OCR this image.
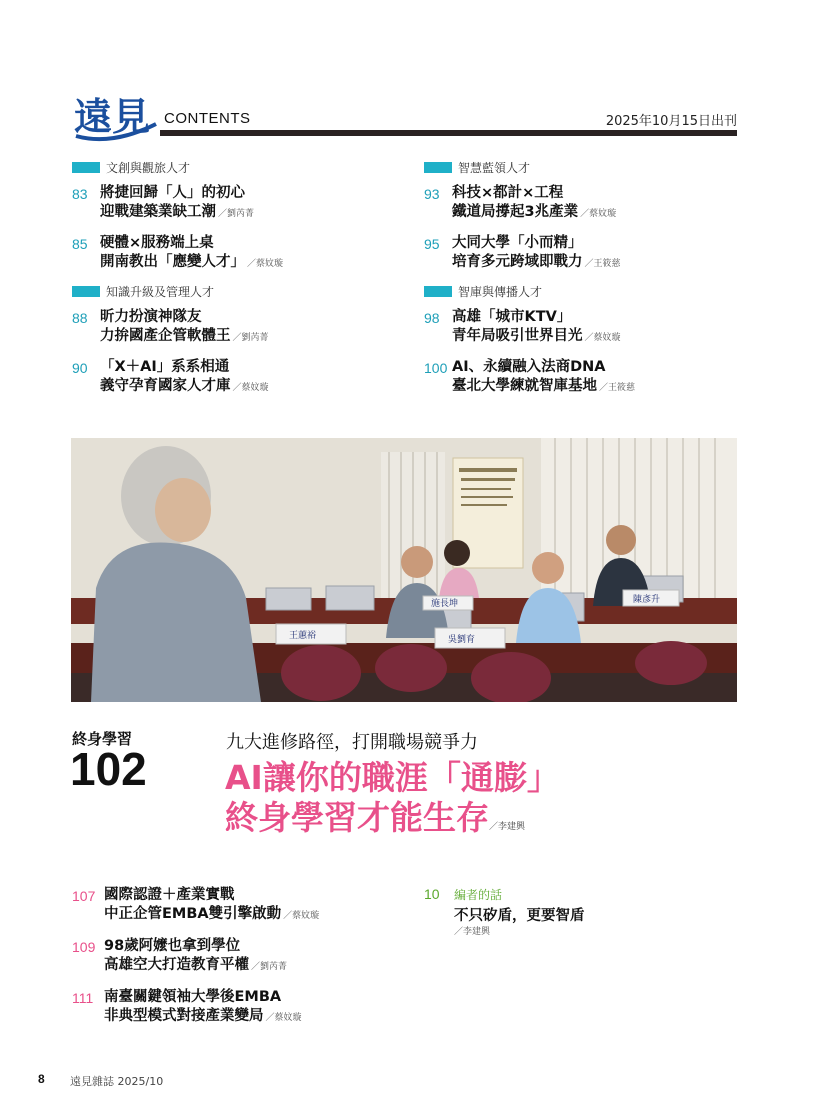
遠見 CONTENTS	2025年10月15日出刊
文創與觀旅人才
83 將捷回歸「人」的初心
迎戰建築業缺工潮 ／劉芮菁
85 硬體×服務端上桌
開南教出「應變人才」 ／蔡妏璇
知識升級及管理人才
88 昕力扮演神隊友
力拚國產企管軟體王 ／劉芮菁
90 「X＋AI」系系相通
義守孕育國家人才庫 ／蔡妏璇
智慧藍領人才
93 科技×都計×工程
鐵道局撐起3兆產業 ／蔡妏璇
95 大同大學「小而精」
培育多元跨域即戰力 ／王筱慈
智庫與傳播人才
98 高雄「城市KTV」
青年局吸引世界目光 ／蔡妏璇
100 AI、永續融入法商DNA
臺北大學練就智庫基地 ／王筱慈
王蕙裕	吳劉育
施長坤	陳彥升
終身學習
102
九大進修路徑，打開職場競爭力
AI讓你的職涯「通膨」
終身學習才能生存／李建興
107 國際認證＋產業實戰
中正企管EMBA雙引擎啟動 ／蔡妏璇
109 98歲阿嬤也拿到學位
高雄空大打造教育平權 ／劉芮菁
111 南臺關鍵領袖大學後EMBA
非典型模式對接產業變局 ／蔡妏璇
10 編者的話
不只矽盾，更要智盾
／李建興
8 遠見雜誌 2025/10
